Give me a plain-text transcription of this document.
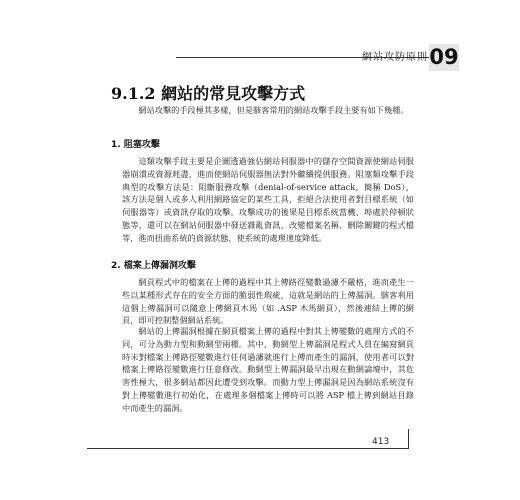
網站攻防原則 09
9.1.2 網站的常見攻擊方式

網站攻擊的手段極其多樣，但是駭客常用的網站攻擊手段主要有如下幾種。

1. 阻塞攻擊

這類攻擊手段主要是企圖透過強佔網站伺服器中的儲存空間資源使網站伺服器崩潰或資源耗盡，進而使網站伺服器無法對外繼續提供服務。阻塞類攻擊手段典型的攻擊方法是：阻斷服務攻擊（denial-of-service attack，簡稱 DoS），該方法是個人或多人利用網路協定的某些工具，拒絕合法使用者對目標系統（如伺服器等）或資訊存取的攻擊。攻擊成功的後果是目標系統當機、埠處於停頓狀態等，還可以在網站伺服器中發送雜亂資訊、改變檔案名稱、刪除關鍵的程式檔等，進而扭曲系統的資源狀態，使系統的處理速度降低。

2. 檔案上傳漏洞攻擊

網頁程式中的檔案在上傳的過程中其上傳路徑變數過濾不嚴格，進而產生一些以某種形式存在的安全方面的脆弱性瑕疵，這就是網站的上傳漏洞。駭客利用這個上傳漏洞可以隨意上傳網頁木馬（如 .ASP 木馬網頁），然後連結上傳的網頁，即可控制整個網站系統。

網站的上傳漏洞根據在網頁檔案上傳的過程中對其上傳變數的處理方式的不同，可分為動力型和動網型兩種。其中，動網型上傳漏洞是程式人員在編寫網頁時未對檔案上傳路徑變數進行任何過濾就進行上傳而產生的漏洞，使用者可以對檔案上傳路徑變數進行任意修改。動網型上傳漏洞最早出現在動網論壇中，其危害性極大，很多網站都因此遭受到攻擊。而動力型上傳漏洞是因為網站系統沒有對上傳變數進行初始化，在處理多個檔案上傳時可以將 ASP 檔上傳到網站目錄中而產生的漏洞。

413
